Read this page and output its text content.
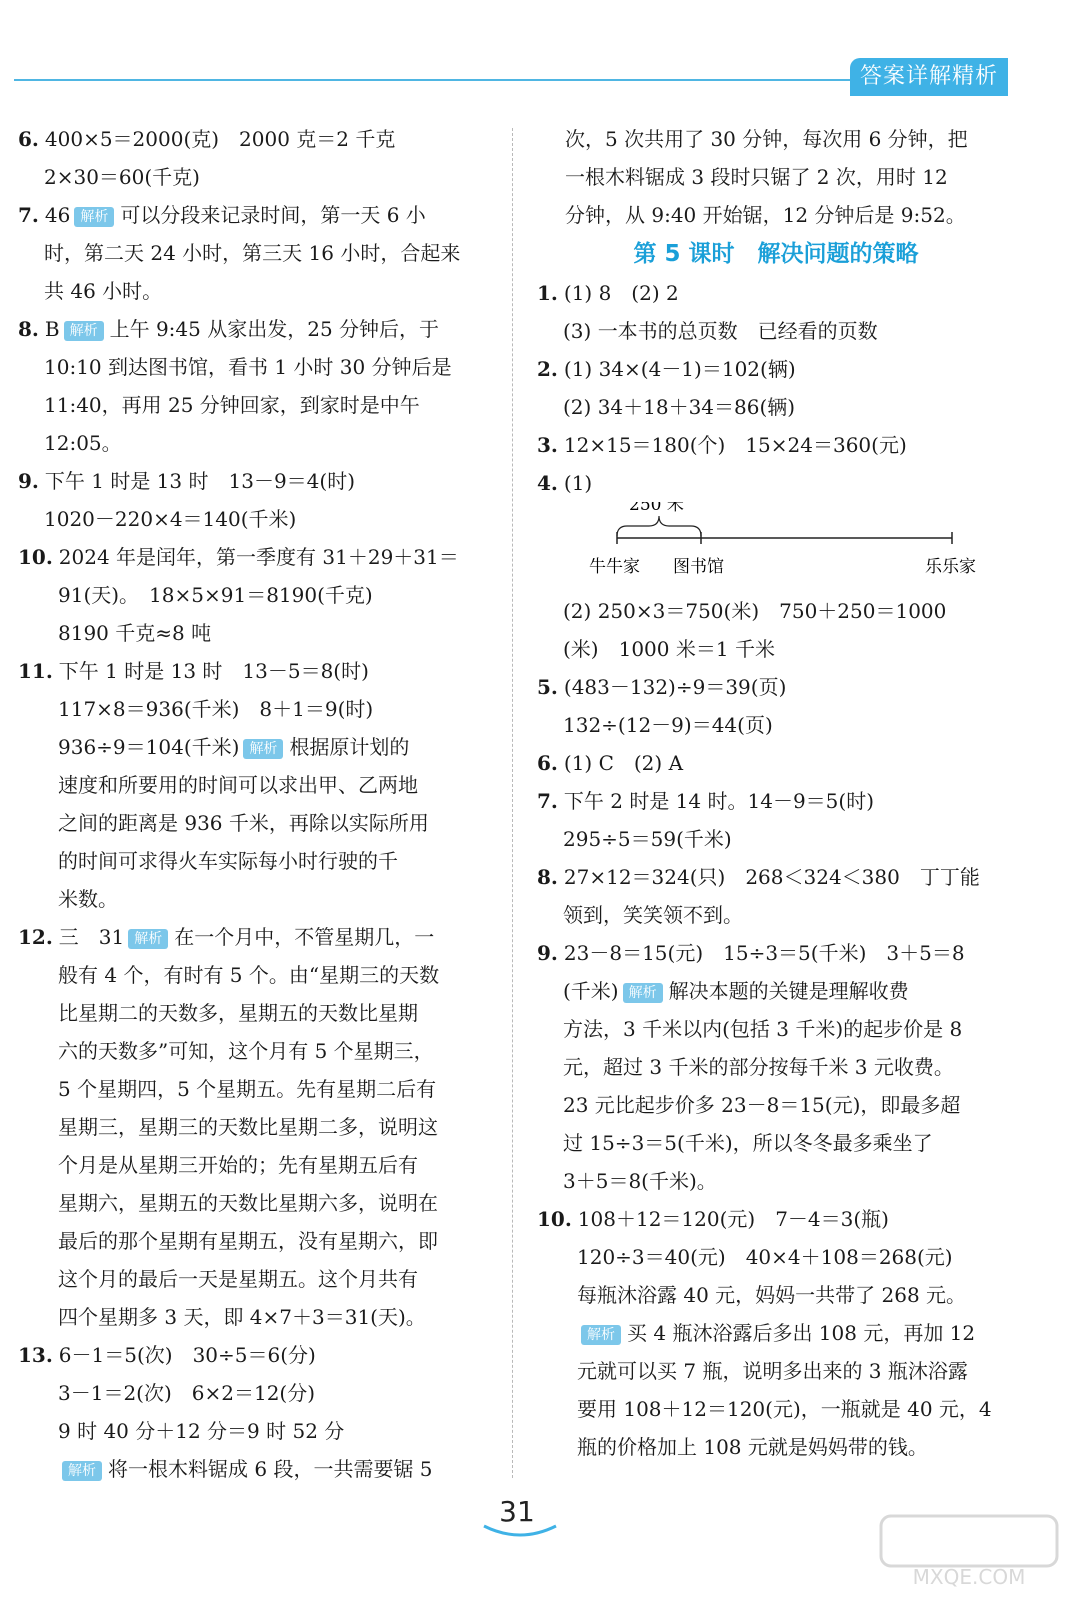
答案详解精析
6. 400×5＝2000(克)　2000 克＝2 千克
2×30＝60(千克)
7. 46 解析 可以分段来记录时间，第一天 6 小
时，第二天 24 小时，第三天 16 小时，合起来
共 46 小时。
8. B 解析 上午 9:45 从家出发，25 分钟后，于
10:10 到达图书馆，看书 1 小时 30 分钟后是
11:40，再用 25 分钟回家，到家时是中午
12:05。
9. 下午 1 时是 13 时　13－9＝4(时)
1020－220×4＝140(千米)
10. 2024 年是闰年，第一季度有 31＋29＋31＝
91(天)。　18×5×91＝8190(千克)
8190 千克≈8 吨
11. 下午 1 时是 13 时　13－5＝8(时)
117×8＝936(千米)　8＋1＝9(时)
936÷9＝104(千米) 解析 根据原计划的
速度和所要用的时间可以求出甲、乙两地
之间的距离是 936 千米，再除以实际所用
的时间可求得火车实际每小时行驶的千
米数。
12. 三　31 解析 在一个月中，不管星期几，一
般有 4 个，有时有 5 个。由“星期三的天数
比星期二的天数多，星期五的天数比星期
六的天数多”可知，这个月有 5 个星期三，
5 个星期四，5 个星期五。先有星期二后有
星期三，星期三的天数比星期二多，说明这
个月是从星期三开始的；先有星期五后有
星期六，星期五的天数比星期六多，说明在
最后的那个星期有星期五，没有星期六，即
这个月的最后一天是星期五。这个月共有
四个星期多 3 天，即 4×7＋3＝31(天)。
13. 6－1＝5(次)　30÷5＝6(分)
3－1＝2(次)　6×2＝12(分)
9 时 40 分＋12 分＝9 时 52 分
解析 将一根木料锯成 6 段，一共需要锯 5
次，5 次共用了 30 分钟，每次用 6 分钟，把
一根木料锯成 3 段时只锯了 2 次，用时 12
分钟，从 9:40 开始锯，12 分钟后是 9:52。
第 5 课时　解决问题的策略
1. (1) 8　(2) 2
(3) 一本书的总页数　已经看的页数
2. (1) 34×(4－1)＝102(辆)
(2) 34＋18＋34＝86(辆)
3. 12×15＝180(个)　15×24＝360(元)
4. (1)
250 米
牛牛家 图书馆	乐乐家
(2) 250×3＝750(米)　750＋250＝1000
(米)　1000 米＝1 千米
5. (483－132)÷9＝39(页)
132÷(12－9)＝44(页)
6. (1) C　(2) A
7. 下午 2 时是 14 时。14－9＝5(时)
295÷5＝59(千米)
8. 27×12＝324(只)　268＜324＜380　丁丁能
领到，笑笑领不到。
9. 23－8＝15(元)　15÷3＝5(千米)　3＋5＝8
(千米) 解析 解决本题的关键是理解收费
方法，3 千米以内(包括 3 千米)的起步价是 8
元，超过 3 千米的部分按每千米 3 元收费。
23 元比起步价多 23－8＝15(元)，即最多超
过 15÷3＝5(千米)，所以冬冬最多乘坐了
3＋5＝8(千米)。
10. 108＋12＝120(元)　7－4＝3(瓶)
120÷3＝40(元)　40×4＋108＝268(元)
每瓶沐浴露 40 元，妈妈一共带了 268 元。
解析 买 4 瓶沐浴露后多出 108 元，再加 12
元就可以买 7 瓶，说明多出来的 3 瓶沐浴露
要用 108＋12＝120(元)，一瓶就是 40 元，4
瓶的价格加上 108 元就是妈妈带的钱。
31
MXQE.COM
